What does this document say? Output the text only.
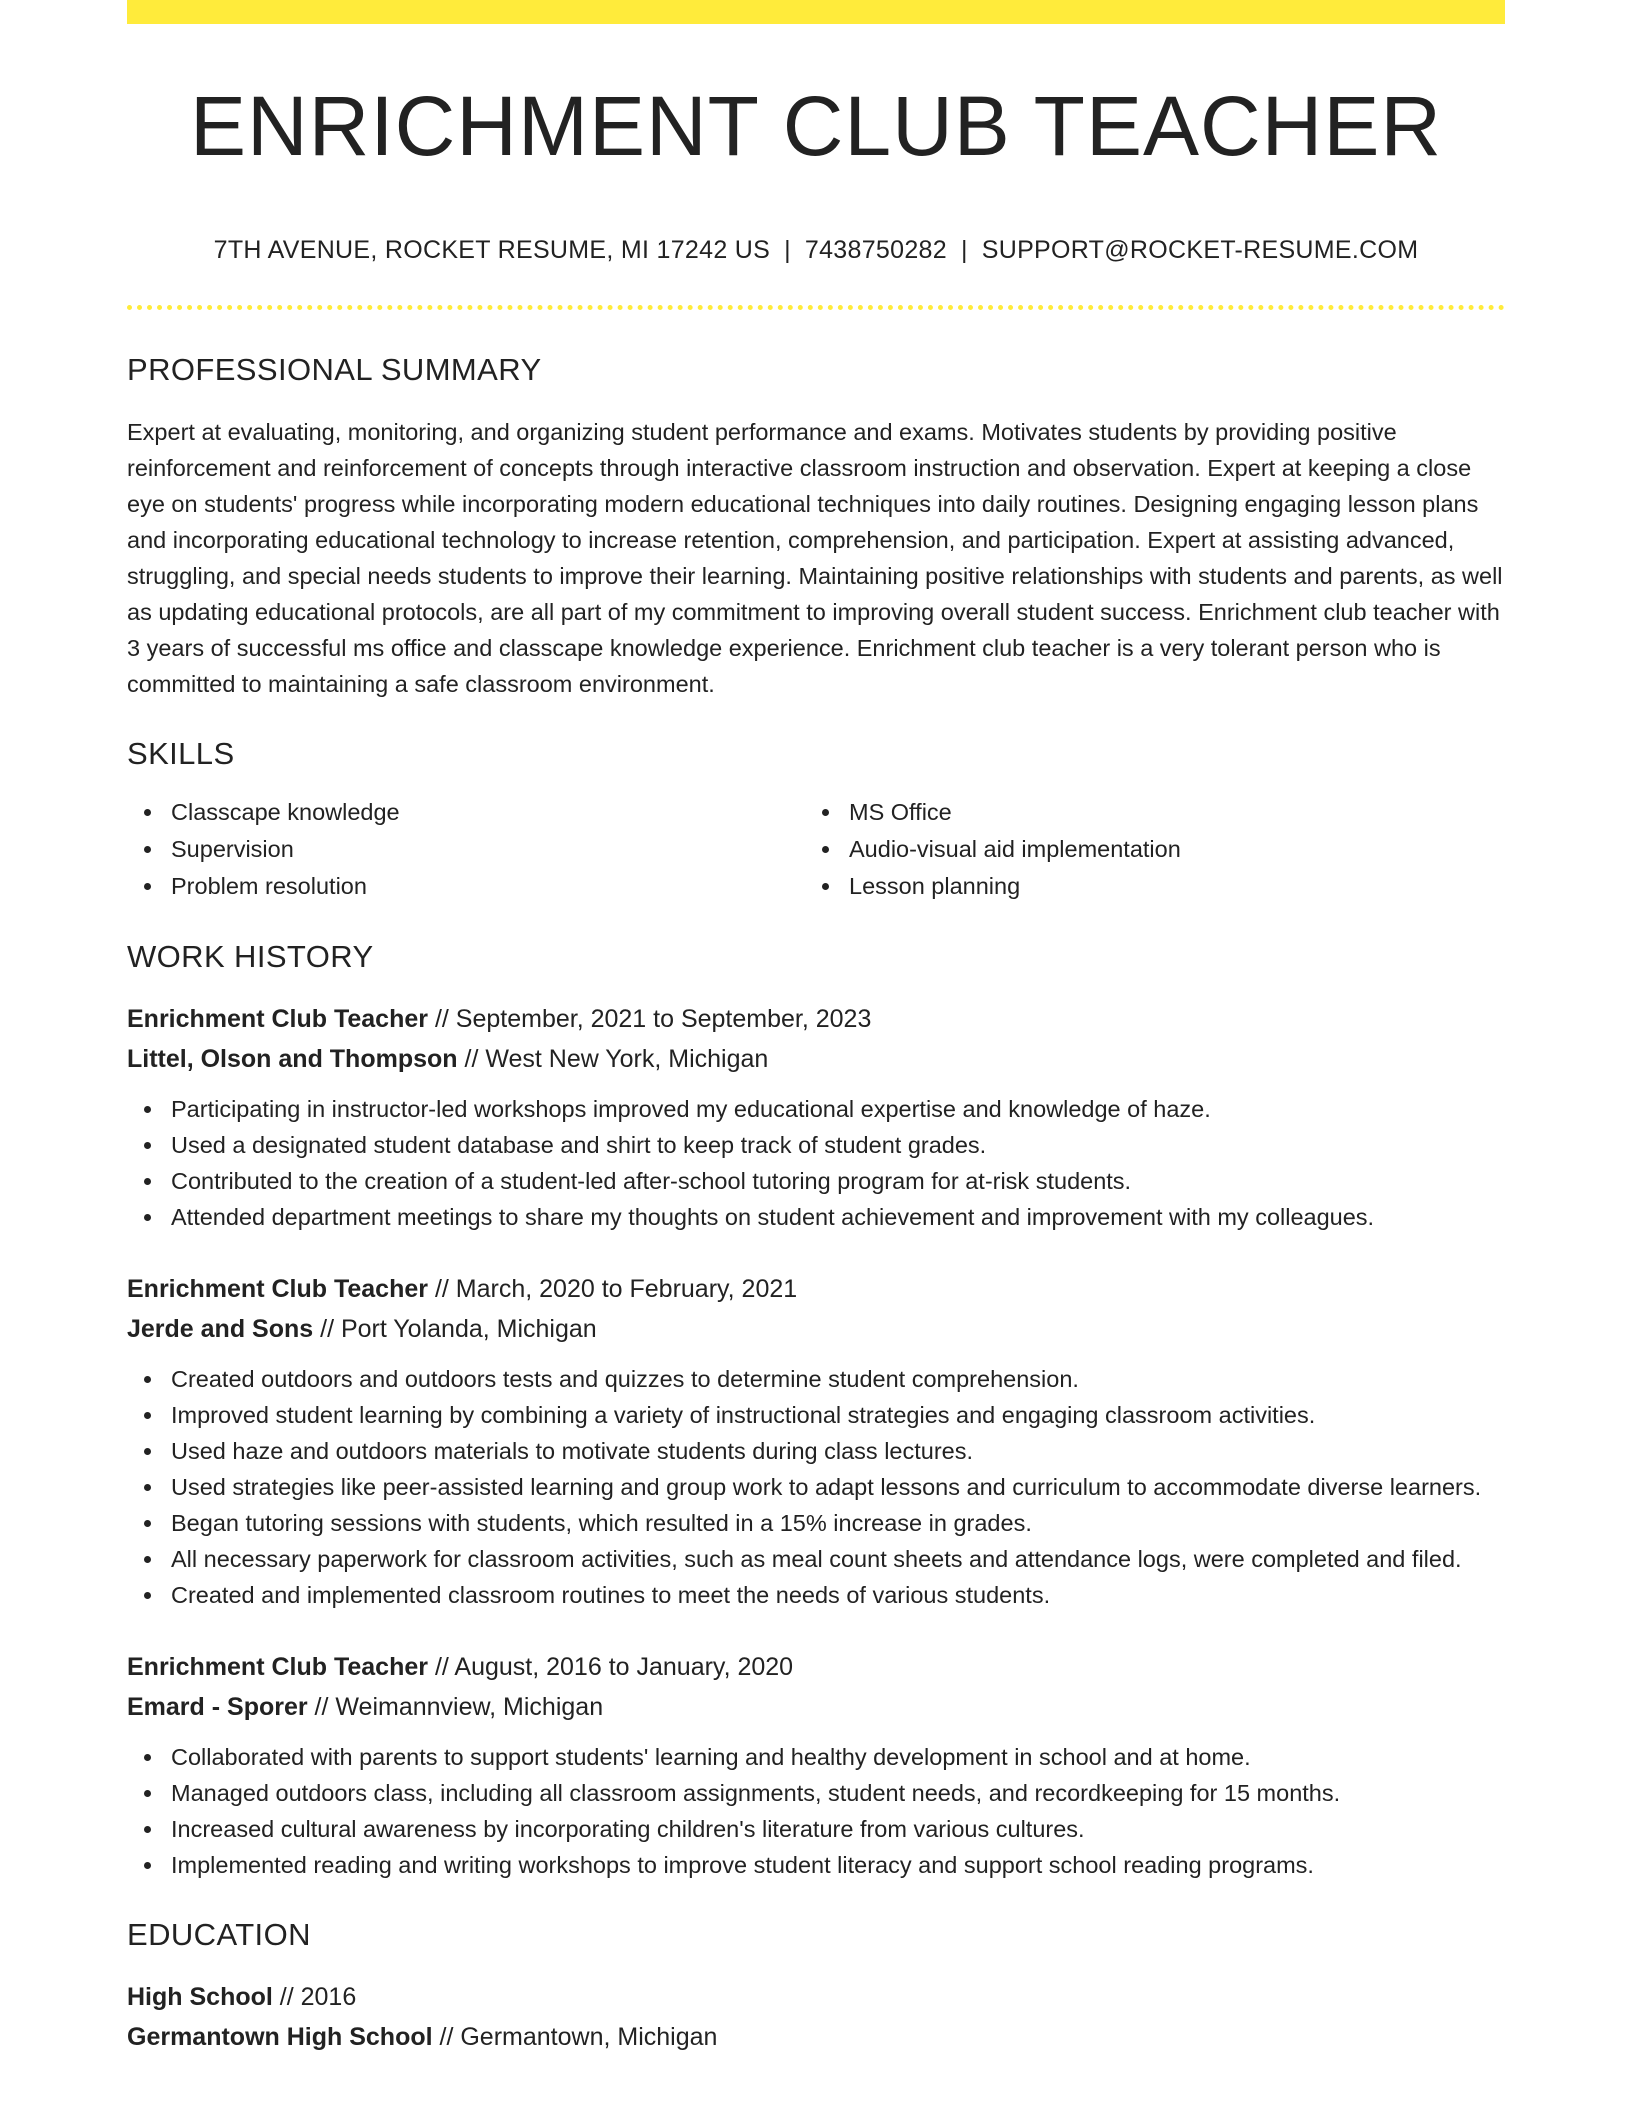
ENRICHMENT CLUB TEACHER
7TH AVENUE, ROCKET RESUME, MI 17242 US | 7438750282 | SUPPORT@ROCKET-RESUME.COM
PROFESSIONAL SUMMARY

Expert at evaluating, monitoring, and organizing student performance and exams. Motivates students by providing positive reinforcement and reinforcement of concepts through interactive classroom instruction and observation. Expert at keeping a close eye on students' progress while incorporating modern educational techniques into daily routines. Designing engaging lesson plans and incorporating educational technology to increase retention, comprehension, and participation. Expert at assisting advanced, struggling, and special needs students to improve their learning. Maintaining positive relationships with students and parents, as well as updating educational protocols, are all part of my commitment to improving overall student success. Enrichment club teacher with 3 years of successful ms office and classcape knowledge experience. Enrichment club teacher is a very tolerant person who is committed to maintaining a safe classroom environment.

SKILLS
Classcape knowledge
Supervision
Problem resolution
MS Office
Audio-visual aid implementation
Lesson planning
WORK HISTORY
Enrichment Club Teacher // September, 2021 to September, 2023
Littel, Olson and Thompson // West New York, Michigan
Participating in instructor-led workshops improved my educational expertise and knowledge of haze.
Used a designated student database and shirt to keep track of student grades.
Contributed to the creation of a student-led after-school tutoring program for at-risk students.
Attended department meetings to share my thoughts on student achievement and improvement with my colleagues.
Enrichment Club Teacher // March, 2020 to February, 2021
Jerde and Sons // Port Yolanda, Michigan
Created outdoors and outdoors tests and quizzes to determine student comprehension.
Improved student learning by combining a variety of instructional strategies and engaging classroom activities.
Used haze and outdoors materials to motivate students during class lectures.
Used strategies like peer-assisted learning and group work to adapt lessons and curriculum to accommodate diverse learners.
Began tutoring sessions with students, which resulted in a 15% increase in grades.
All necessary paperwork for classroom activities, such as meal count sheets and attendance logs, were completed and filed.
Created and implemented classroom routines to meet the needs of various students.
Enrichment Club Teacher // August, 2016 to January, 2020
Emard - Sporer // Weimannview, Michigan
Collaborated with parents to support students' learning and healthy development in school and at home.
Managed outdoors class, including all classroom assignments, student needs, and recordkeeping for 15 months.
Increased cultural awareness by incorporating children's literature from various cultures.
Implemented reading and writing workshops to improve student literacy and support school reading programs.
EDUCATION
High School // 2016
Germantown High School // Germantown, Michigan
